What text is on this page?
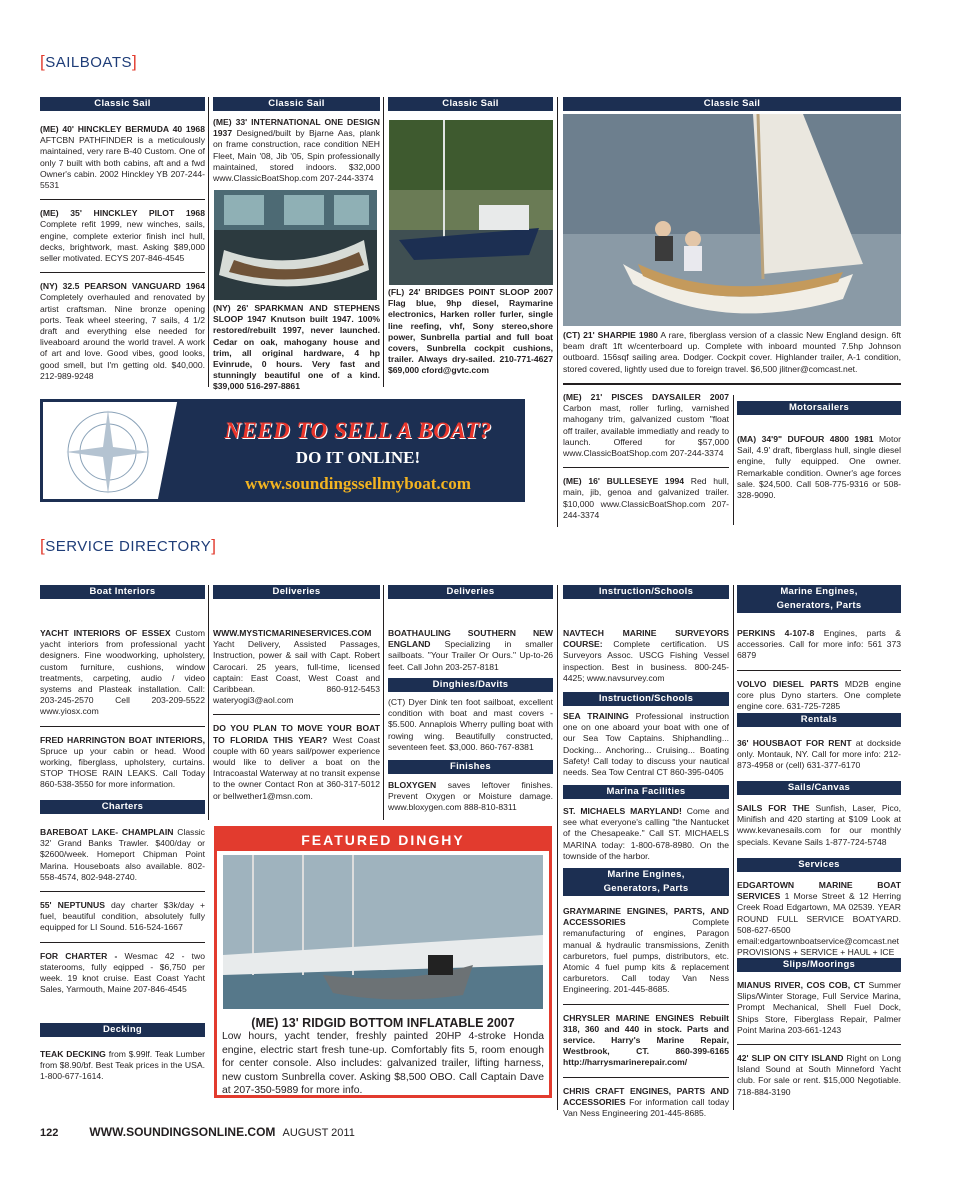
[SAILBOATS]
[SERVICE DIRECTORY]
Classic Sail	Classic Sail	Classic Sail	Classic Sail
(ME) 40' HINCKLEY BERMUDA 40 1968 AFTCBN PATHFINDER is a meticulously maintained, very rare B-40 Custom. One of only 7 built with both cabins, aft and a fwd Owner's cabin. 2002 Hinckley YB 207-244-5531
(ME) 35' HINCKLEY PILOT 1968 Complete refit 1999, new winches, sails, engine, complete exterior finish incl hull, decks, brightwork, mast. Asking $89,000 seller motivated. ECYS 207-846-4545
(NY) 32.5 PEARSON VANGUARD 1964 Completely overhauled and renovated by artist craftsman. Nine bronze opening ports. Teak wheel steering, 7 sails, 4 1/2 draft and everything else needed for liveaboard around the world travel. A work of art and love. Good vibes, good looks, good smell, but I'm getting old. $40,000. 212-989-9248
(ME) 33' INTERNATIONAL ONE DESIGN 1937 Designed/built by Bjarne Aas, plank on frame construction, race condition NEH Fleet, Main '08, Jib '05, Spin professionally maintained, stored indoors. $32,000 www.ClassicBoatShop.com 207-244-3374
(NY) 26' SPARKMAN AND STEPHENS SLOOP 1947 Knutson built 1947. 100% restored/rebuilt 1997, never launched. Cedar on oak, mahogany house and trim, all original hardware, 4 hp Evinrude, 0 hours. Very fast and stunningly beautiful one of a kind. $39,000 516-297-8861
(FL) 24' BRIDGES POINT SLOOP 2007 Flag blue, 9hp diesel, Raymarine electronics, Harken roller furler, single line reefing, vhf, Sony stereo,shore power, Sunbrella partial and full boat covers, Sunbrella cockpit cushions, trailer. Always dry-sailed. 210-771-4627 $69,000 cford@gvtc.com
(CT) 21' SHARPIE 1980 A rare, fiberglass version of a classic New England design. 6ft beam draft 1ft w/centerboard up. Complete with inboard mounted 7.5hp Johnson outboard. 156sqf sailing area. Dodger. Cockpit cover. Highlander trailer, A-1 condition, stored covered, lightly used due to foreign travel. $6,500 jlitner@comcast.net.
(ME) 21' PISCES DAYSAILER 2007 Carbon mast, roller furling, varnished mahogany trim, galvanized custom "float off trailer, available immediatly and ready to launch. Offered for $57,000 www.ClassicBoatShop.com 207-244-3374
(ME) 16' BULLESEYE 1994 Red hull, main, jib, genoa and galvanized trailer. $10,000 www.ClassicBoatShop.com 207-244-3374
Motorsailers
(MA) 34'9" DUFOUR 4800 1981 Motor Sail, 4.9' draft, fiberglass hull, single diesel engine, fully equipped. One owner. Remarkable condition. Owner's age forces sale. $24,500. Call 508-775-9316 or 508-328-9090.
NEED TO SELL A BOAT?
DO IT ONLINE!
www.soundingssellmyboat.com
Boat Interiors	Deliveries	Deliveries	Instruction/Schools	Marine Engines, Generators, Parts
YACHT INTERIORS OF ESSEX Custom yacht interiors from professional yacht designers. Fine woodworking, upholstery, custom furniture, cushions, window treatments, carpeting, audio / video systems and Plasteak installation. Call: 203-245-2570 Cell 203-209-5522 www.yiosx.com
FRED HARRINGTON BOAT INTERIORS, Spruce up your cabin or head. Wood working, fiberglass, upholstery, curtains. STOP THOSE RAIN LEAKS. Call Today 860-538-3550 for more information.
Charters
BAREBOAT LAKE- CHAMPLAIN Classic 32' Grand Banks Trawler. $400/day or $2600/week. Homeport Chipman Point Marina. Houseboats also available. 802-558-4574, 802-948-2740.
55' NEPTUNUS day charter $3k/day + fuel, beautiful condition, absolutely fully equipped for LI Sound. 516-524-1667
FOR CHARTER - Wesmac 42 - two staterooms, fully eqipped - $6,750 per week. 19 knot cruise. East Coast Yacht Sales, Yarmouth, Maine 207-846-4545
Decking
TEAK DECKING from $.99lf. Teak Lumber from $8.90/bf. Best Teak prices in the USA. 1-800-677-1614.
WWW.MYSTICMARINESERVICES.COM Yacht Delivery, Assisted Passages, Instruction, power & sail with Capt. Robert Carocari. 25 years, full-time, licensed captain: East Coast, West Coast and Caribbean. 860-912-5453 wateryogi3@aol.com
DO YOU PLAN TO MOVE YOUR BOAT TO FLORIDA THIS YEAR? West Coast couple with 60 years sail/power experience would like to deliver a boat on the Intracoastal Waterway at no transit expense to the owner Contact Ron at 360-317-5012 or bellwether1@msn.com.
BOATHAULING SOUTHERN NEW ENGLAND Specializing in smaller sailboats. "Your Trailer Or Ours." Up-to-26 feet. Call John 203-257-8181
Dinghies/Davits
(CT) Dyer Dink ten foot sailboat, excellent condition with boat and mast covers - $5.500. Annaplois Wherry pulling boat with rowing wing. Beautifully constructed, seventeen feet. $3,000. 860-767-8381
Finishes
BLOXYGEN saves leftover finishes. Prevent Oxygen or Moisture damage. www.bloxygen.com 888-810-8311
FEATURED DINGHY
(ME) 13' RIDGID BOTTOM INFLATABLE 2007
Low hours, yacht tender, freshly painted 20HP 4-stroke Honda engine, electric start fresh tune-up. Comfortably fits 5, room enough for center console. Also includes: galvanized trailer, lifting harness, new custom Sunbrella cover. Asking $8,500 OBO. Call Captain Dave at 207-350-5989 for more info.
NAVTECH MARINE SURVEYORS COURSE: Complete certification. US Surveyors Assoc. USCG Fishing Vessel inspection. Best in business. 800-245-4425; www.navsurvey.com
Instruction/Schools
SEA TRAINING Professional instruction one on one aboard your boat with one of our Sea Tow Captains. Shiphandling... Docking... Anchoring... Cruising... Boating Safety! Call today to discuss your nautical needs. Sea Tow Central CT 860-395-0405
Marina Facilities
ST. MICHAELS MARYLAND! Come and see what everyone's calling "the Nantucket of the Chesapeake." Call ST. MICHAELS MARINA today: 1-800-678-8980. On the townside of the harbor.
Marine Engines, Generators, Parts
GRAYMARINE ENGINES, PARTS, AND ACCESSORIES Complete remanufacturing of engines, Paragon manual & hydraulic transmissions, Zenith carburetors, fuel pumps, distributors, etc. Atomic 4 fuel pump kits & replacement carburetors. Call today Van Ness Engineering. 201-445-8685.
CHRYSLER MARINE ENGINES Rebuilt 318, 360 and 440 in stock. Parts and service. Harry's Marine Repair, Westbrook, CT. 860-399-6165 http://harrysmarinerepair.com/
CHRIS CRAFT ENGINES, PARTS AND ACCESSORIES For information call today Van Ness Engineering 201-445-8685.
PERKINS 4-107-8 Engines, parts & accessories. Call for more info: 561 373 6879
VOLVO DIESEL PARTS MD2B engine core plus Dyno starters. One complete engine core. 631-725-7285
Rentals
36' HOUSBAOT FOR RENT at dockside only. Montauk, NY. Call for more info: 212-873-4958 or (cell) 631-377-6170
Sails/Canvas
SAILS FOR THE Sunfish, Laser, Pico, Minifish and 420 starting at $109 Look at www.kevanesails.com for our monthly specials. Kevane Sails 1-877-724-5748
Services
EDGARTOWN MARINE BOAT SERVICES 1 Morse Street & 12 Herring Creek Road Edgartown, MA 02539. YEAR ROUND FULL SERVICE BOATYARD. 508-627-6500 email:edgartownboatservice@comcast.net PROVISIONS + SERVICE + HAUL + ICE
Slips/Moorings
MIANUS RIVER, COS COB, CT Summer Slips/Winter Storage, Full Service Marina, Prompt Mechanical, Shell Fuel Dock, Ships Store, Fiberglass Repair, Palmer Point Marina 203-661-1243
42' SLIP ON CITY ISLAND Right on Long Island Sound at South Minneford Yacht club. For sale or rent. $15,000 Negotiable. 718-884-3190
122	WWW.SOUNDINGSONLINE.COM AUGUST 2011
